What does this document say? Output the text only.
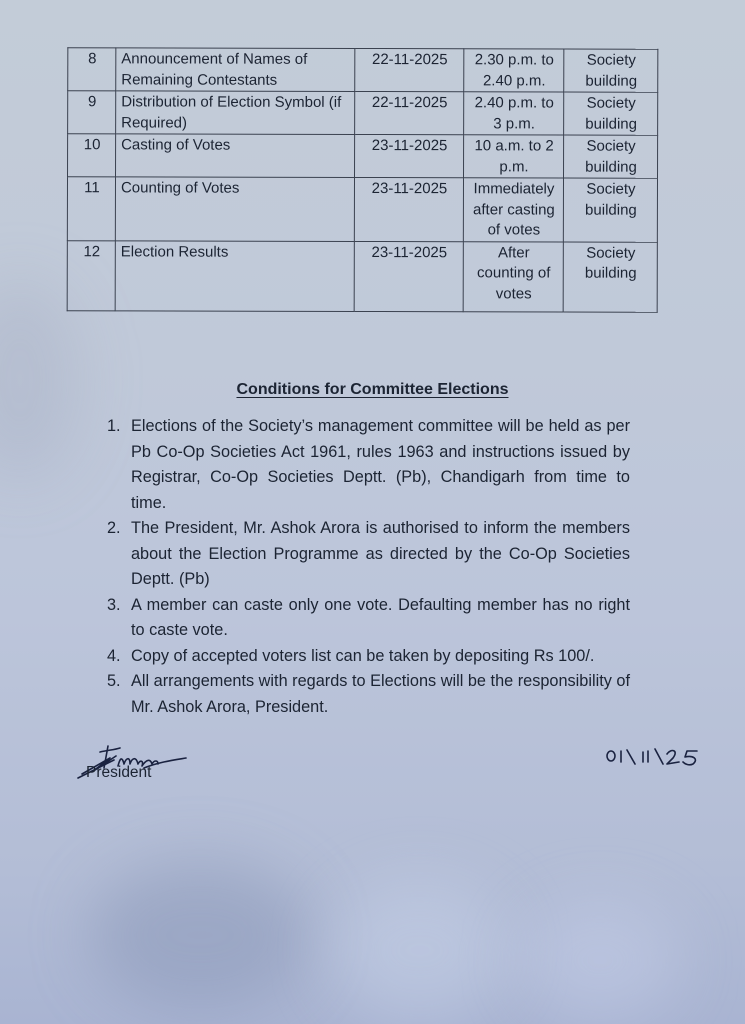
8	Announcement of Names of Remaining Contestants	22-11-2025	2.30 p.m. to 2.40 p.m.	Society building
9	Distribution of Election Symbol (if Required)	22-11-2025	2.40 p.m. to 3 p.m.	Society building
10	Casting of Votes	23-11-2025	10 a.m. to 2 p.m.	Society building
11	Counting of Votes	23-11-2025	Immediately after casting of votes	Society building
12	Election Results	23-11-2025	After counting of votes	Society building
Conditions for Committee Elections
1. Elections of the Society’s management committee will be held as per Pb Co-Op Societies Act 1961, rules 1963 and instructions issued by Registrar, Co-Op Societies Deptt. (Pb), Chandigarh from time to time.
2. The President, Mr. Ashok Arora is authorised to inform the members about the Election Programme as directed by the Co-Op Societies Deptt. (Pb)
3. A member can caste only one vote. Defaulting member has no right to caste vote.
4. Copy of accepted voters list can be taken by depositing Rs 100/.
5. All arrangements with regards to Elections will be the responsibility of Mr. Ashok Arora, President.
President
